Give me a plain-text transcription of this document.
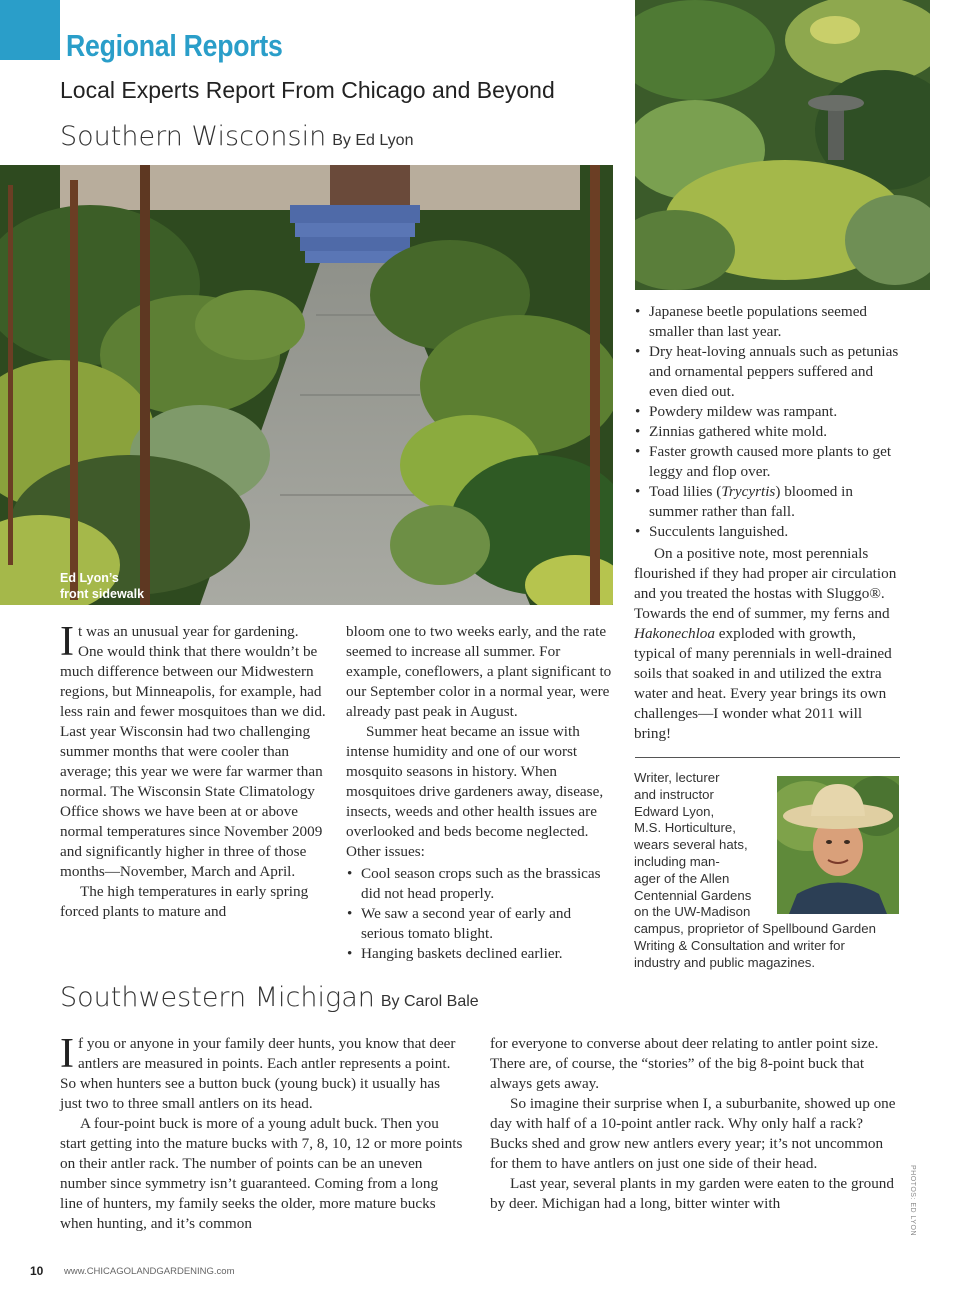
Regional Reports
Local Experts Report From Chicago and Beyond
Southern Wisconsin By Ed Lyon
Ed Lyon’s
front sidewalk

It was an unusual year for gardening. One would think that there wouldn’t be much difference between our Midwestern regions, but Minneapolis, for example, had less rain and fewer mosquitoes than we did. Last year Wisconsin had two challenging summer months that were cooler than average; this year we were far warmer than normal. The Wisconsin State Climatology Office shows we have been at or above normal temperatures since November 2009 and significantly higher in three of those months—November, March and April.

The high temperatures in early spring forced plants to mature and

bloom one to two weeks early, and the rate seemed to increase all summer. For example, coneflowers, a plant significant to our September color in a normal year, were already past peak in August.

Summer heat became an issue with intense humidity and one of our worst mosquito seasons in history. When mosquitoes drive gardeners away, disease, insects, weeds and other health issues are overlooked and beds become neglected. Other issues:

• Cool season crops such as the brassicas did not head properly.
• We saw a second year of early and serious tomato blight.
• Hanging baskets declined earlier.
• Japanese beetle populations seemed smaller than last year.
• Dry heat-loving annuals such as petunias and ornamental peppers suffered and even died out.
• Powdery mildew was rampant.
• Zinnias gathered white mold.
• Faster growth caused more plants to get leggy and flop over.
• Toad lilies (Trycyrtis) bloomed in summer rather than fall.
• Succulents languished.

On a positive note, most perennials flourished if they had proper air circulation and you treated the hostas with Sluggo®. Towards the end of summer, my ferns and Hakonechloa exploded with growth, typical of many perennials in well-drained soils that soaked in and utilized the extra water and heat. Every year brings its own challenges—I wonder what 2011 will bring!

Writer, lecturer
and instructor
Edward Lyon,
M.S. Horticulture,
wears several hats,
including man-
ager of the Allen
Centennial Gardens
on the UW-Madison
campus, proprietor of Spellbound Garden
Writing & Consultation and writer for
industry and public magazines.
Southwestern Michigan By Carol Bale

If you or anyone in your family deer hunts, you know that deer antlers are measured in points. Each antler represents a point. So when hunters see a button buck (young buck) it usually has just two to three small antlers on its head.

A four-point buck is more of a young adult buck. Then you start getting into the mature bucks with 7, 8, 10, 12 or more points on their antler rack. The number of points can be an uneven number since symmetry isn’t guaranteed. Coming from a long line of hunters, my family seeks the older, more mature bucks when hunting, and it’s common

for everyone to converse about deer relating to antler point size. There are, of course, the “stories” of the big 8-point buck that always gets away.

So imagine their surprise when I, a suburbanite, showed up one day with half of a 10-point antler rack. Why only half a rack? Bucks shed and grow new antlers every year; it’s not uncommon for them to have antlers on just one side of their head.

Last year, several plants in my garden were eaten to the ground by deer. Michigan had a long, bitter winter with

10 www.CHICAGOLANDGARDENING.com
PHOTOS: ED LYON
